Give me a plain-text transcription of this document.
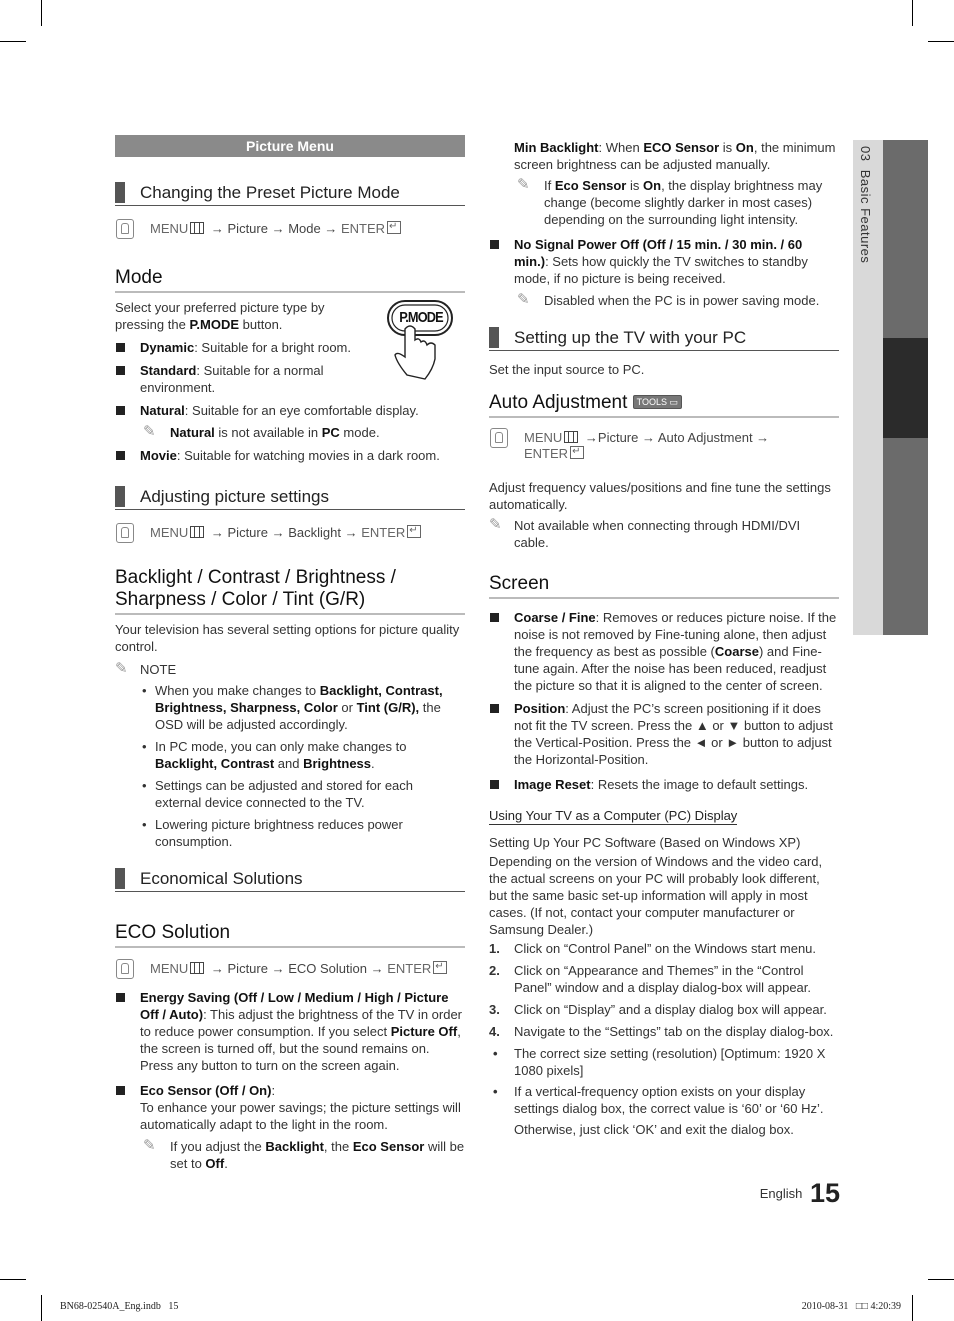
03  Basic Features
Picture Menu
Changing the Preset Picture Mode
MENU → Picture → Mode → ENTER↵
Mode

Select your preferred picture type by
pressing the P.MODE button.	P.MODE
Dynamic: Suitable for a bright room.
Standard: Suitable for a normal environment.
Natural: Suitable for an eye comfortable display.
✎ Natural is not available in PC mode.
Movie: Suitable for watching movies in a dark room.
Adjusting picture settings
MENU → Picture → Backlight → ENTER↵
Backlight / Contrast / Brightness /
Sharpness / Color / Tint (G/R)

Your television has several setting options for picture quality control.

✎ NOTE
• When you make changes to Backlight, Contrast, Brightness, Sharpness, Color or Tint (G/R), the OSD will be adjusted accordingly.
• In PC mode, you can only make changes to Backlight, Contrast and Brightness.
• Settings can be adjusted and stored for each external device connected to the TV.
• Lowering picture brightness reduces power consumption.
Economical Solutions
ECO Solution
MENU → Picture → ECO Solution → ENTER↵
Energy Saving (Off / Low / Medium / High / Picture Off / Auto): This adjust the brightness of the TV in order to reduce power consumption. If you select Picture Off, the screen is turned off, but the sound remains on. Press any button to turn on the screen again.
Eco Sensor (Off / On):
To enhance your power savings; the picture settings will automatically adapt to the light in the room.
✎ If you adjust the Backlight, the Eco Sensor will be set to Off.

Min Backlight: When ECO Sensor is On, the minimum screen brightness can be adjusted manually.

✎ If Eco Sensor is On, the display brightness may change (become slightly darker in most cases) depending on the surrounding light intensity.
No Signal Power Off (Off / 15 min. / 30 min. / 60 min.): Sets how quickly the TV switches to standby mode, if no picture is being received.
✎ Disabled when the PC is in power saving mode.
Setting up the TV with your PC

Set the input source to PC.

Auto Adjustment TOOLS ▭
MENU →Picture → Auto Adjustment →
ENTER↵

Adjust frequency values/positions and fine tune the settings automatically.

✎ Not available when connecting through HDMI/DVI cable.
Screen
Coarse / Fine: Removes or reduces picture noise. If the noise is not removed by Fine-tuning alone, then adjust the frequency as best as possible (Coarse) and Fine-tune again. After the noise has been reduced, readjust the picture so that it is aligned to the center of screen.
Position: Adjust the PC’s screen positioning if it does not fit the TV screen. Press the ▲ or ▼ button to adjust the Vertical-Position. Press the ◄ or ► button to adjust the Horizontal-Position.
Image Reset: Resets the image to default settings.
Using Your TV as a Computer (PC) Display

Setting Up Your PC Software (Based on Windows XP)

Depending on the version of Windows and the video card, the actual screens on your PC will probably look different, but the same basic set-up information will apply in most cases. (If not, contact your computer manufacturer or Samsung Dealer.)

1. Click on “Control Panel” on the Windows start menu.
2. Click on “Appearance and Themes” in the “Control Panel” window and a display dialog-box will appear.
3. Click on “Display” and a display dialog box will appear.
4. Navigate to the “Settings” tab on the display dialog-box.
• The correct size setting (resolution) [Optimum: 1920 X 1080 pixels]
• If a vertical-frequency option exists on your display settings dialog box, the correct value is ‘60’ or ‘60 Hz’.

Otherwise, just click ‘OK’ and exit the dialog box.

English 15
BN68-02540A_Eng.indb   15	2010-08-31   □□ 4:20:39
